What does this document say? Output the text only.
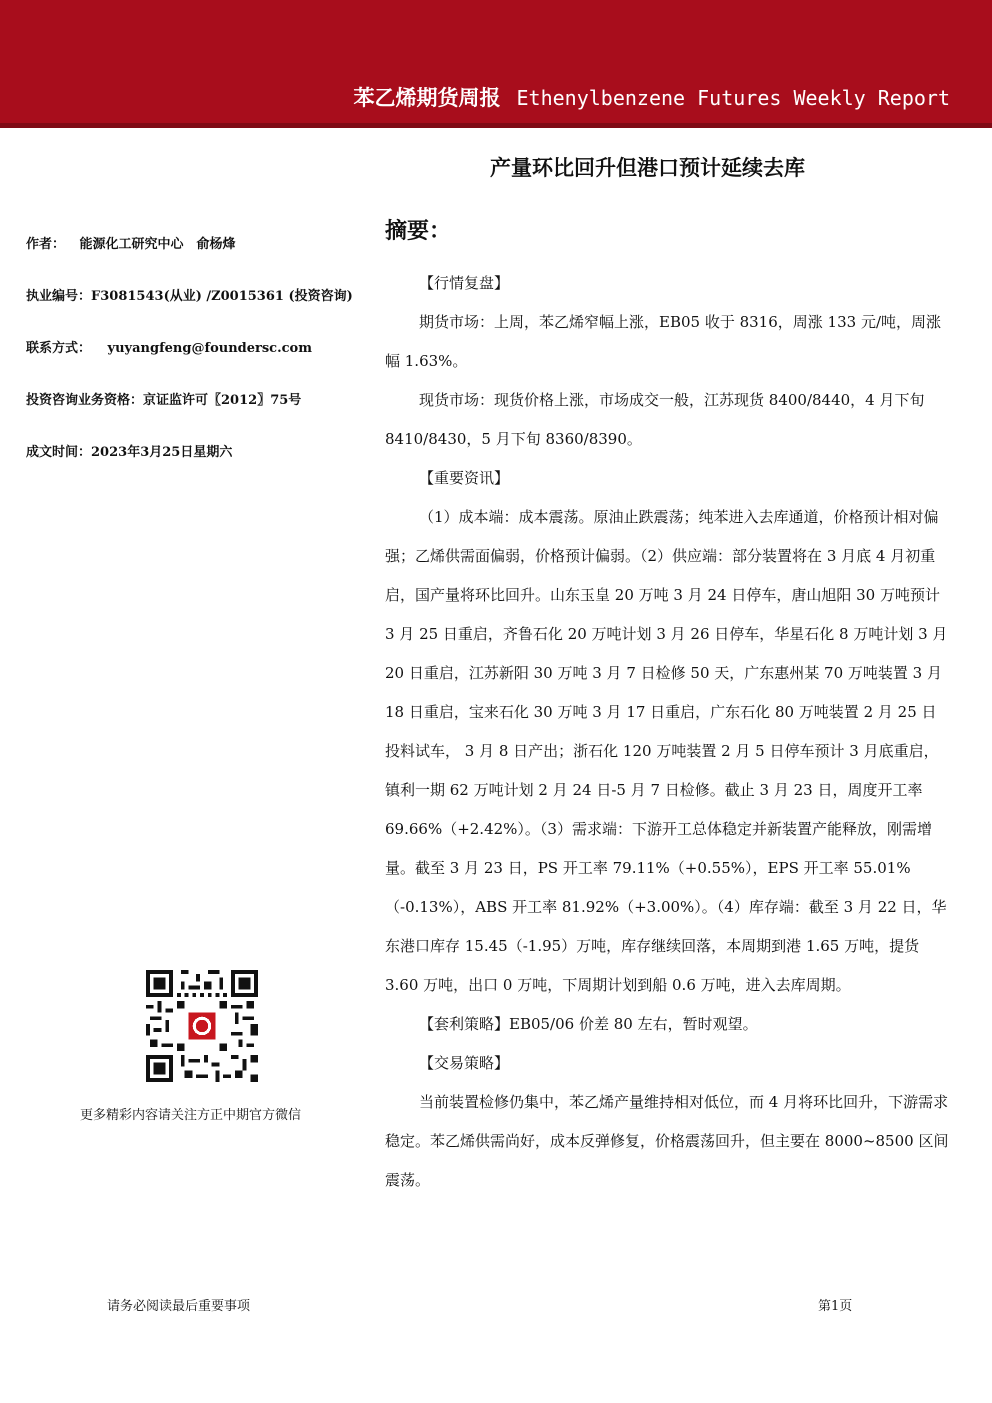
苯乙烯期货周报 Ethenylbenzene Futures Weekly Report
产量环比回升但港口预计延续去库
作者： 能源化工研究中心　俞杨烽
执业编号：F3081543(从业) /Z0015361 (投资咨询)
联系方式： yuyangfeng@foundersc.com
投资咨询业务资格：京证监许可〖2012〗75号
成文时间：2023年3月25日星期六
更多精彩内容请关注方正中期官方微信
摘要：

【行情复盘】

期货市场：上周，苯乙烯窄幅上涨，EB05 收于 8316，周涨 133 元/吨，周涨幅 1.63%。

现货市场：现货价格上涨，市场成交一般，江苏现货 8400/8440，4 月下旬 8410/8430，5 月下旬 8360/8390。

【重要资讯】

（1）成本端：成本震荡。原油止跌震荡；纯苯进入去库通道，价格预计相对偏强；乙烯供需面偏弱，价格预计偏弱。（2）供应端：部分装置将在 3 月底 4 月初重启，国产量将环比回升。山东玉皇 20 万吨 3 月 24 日停车，唐山旭阳 30 万吨预计 3 月 25 日重启，齐鲁石化 20 万吨计划 3 月 26 日停车，华星石化 8 万吨计划 3 月 20 日重启，江苏新阳 30 万吨 3 月 7 日检修 50 天，广东惠州某 70 万吨装置 3 月 18 日重启，宝来石化 30 万吨 3 月 17 日重启，广东石化 80 万吨装置 2 月 25 日投料试车， 3 月 8 日产出；浙石化 120 万吨装置 2 月 5 日停车预计 3 月底重启，镇利一期 62 万吨计划 2 月 24 日-5 月 7 日检修。截止 3 月 23 日，周度开工率 69.66%（+2.42%）。（3）需求端：下游开工总体稳定并新装置产能释放，刚需增量。截至 3 月 23 日，PS 开工率 79.11%（+0.55%），EPS 开工率 55.01%（-0.13%），ABS 开工率 81.92%（+3.00%）。（4）库存端：截至 3 月 22 日，华东港口库存 15.45（-1.95）万吨，库存继续回落，本周期到港 1.65 万吨，提货 3.60 万吨，出口 0 万吨，下周期计划到船 0.6 万吨，进入去库周期。

【套利策略】EB05/06 价差 80 左右，暂时观望。

【交易策略】

当前装置检修仍集中，苯乙烯产量维持相对低位，而 4 月将环比回升，下游需求稳定。苯乙烯供需尚好，成本反弹修复，价格震荡回升，但主要在 8000~8500 区间震荡。

请务必阅读最后重要事项	第1页
